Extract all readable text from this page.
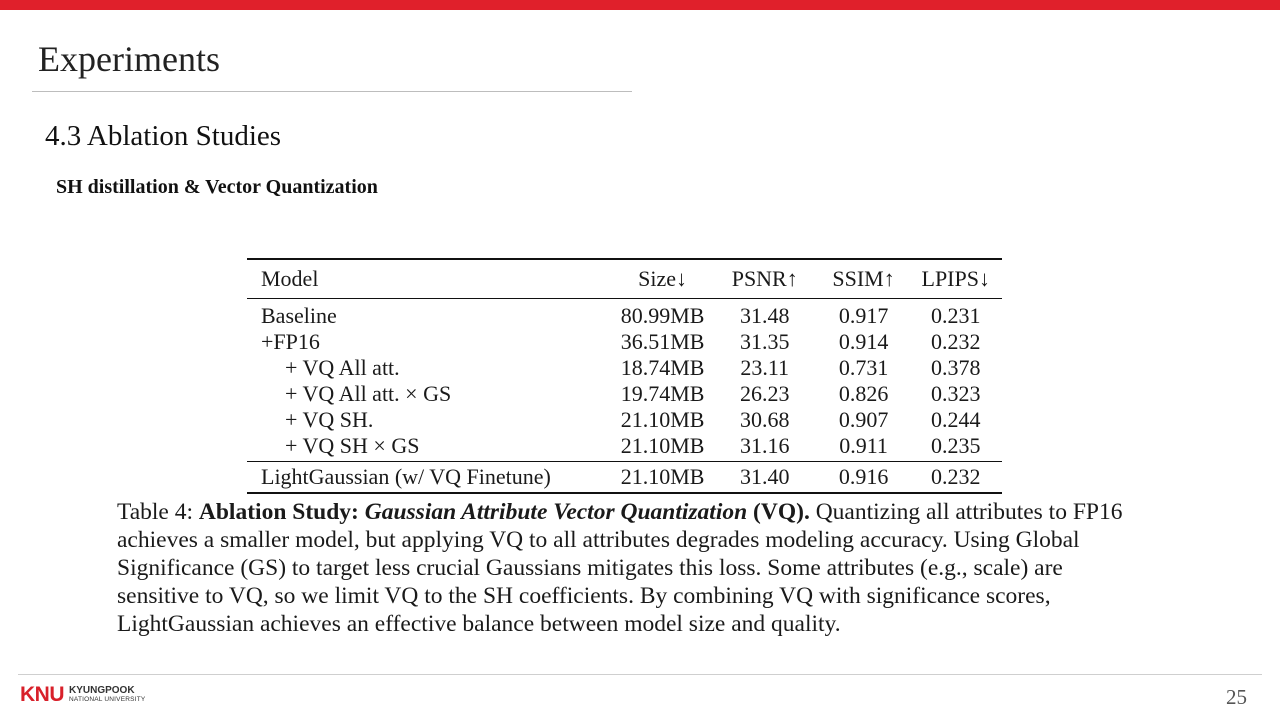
Experiments
4.3 Ablation Studies
SH distillation & Vector Quantization
Model	Size↓	PSNR↑	SSIM↑	LPIPS↓
Baseline	80.99MB	31.48	0.917	0.231
+FP16	36.51MB	31.35	0.914	0.232
+ VQ All att.	18.74MB	23.11	0.731	0.378
+ VQ All att. × GS	19.74MB	26.23	0.826	0.323
+ VQ SH.	21.10MB	30.68	0.907	0.244
+ VQ SH × GS	21.10MB	31.16	0.911	0.235
LightGaussian (w/ VQ Finetune)	21.10MB	31.40	0.916	0.232
Table 4: Ablation Study: Gaussian Attribute Vector Quantization (VQ). Quantizing all attributes to FP16 achieves a smaller model, but applying VQ to all attributes degrades modeling accuracy. Using Global Significance (GS) to target less crucial Gaussians mitigates this loss. Some attributes (e.g., scale) are sensitive to VQ, so we limit VQ to the SH coefficients. By combining VQ with significance scores, LightGaussian achieves an effective balance between model size and quality.
KNU KYUNGPOOK
NATIONAL UNIVERSITY	25
